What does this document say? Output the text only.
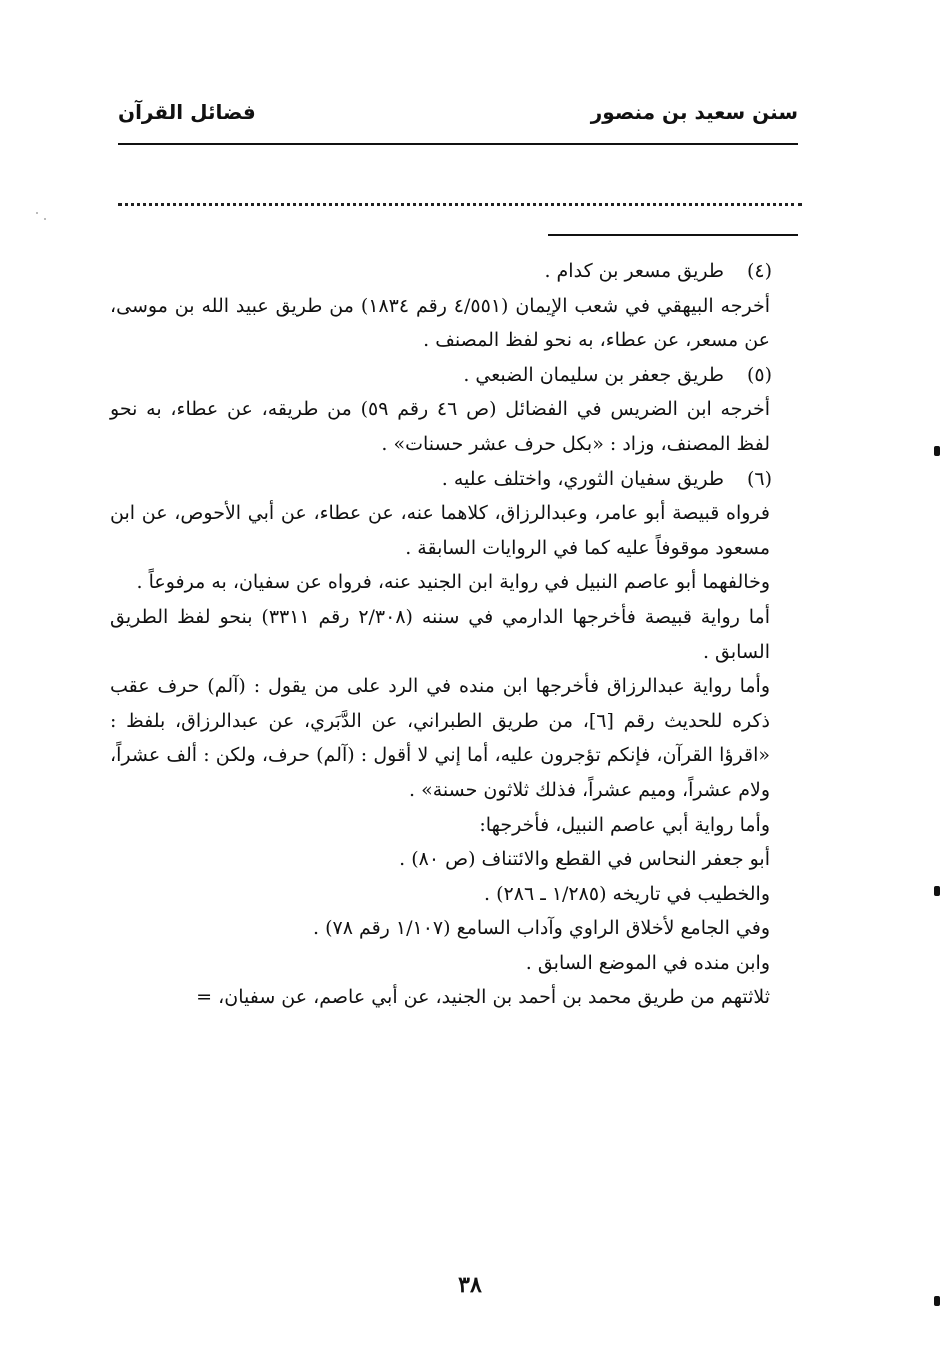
سنن سعيد بن منصور
فضائل القرآن

(٤)
طريق مسعر بن كدام .

أخرجه البيهقي في شعب الإيمان (٤/٥٥١ رقم ١٨٣٤) من طريق عبيد الله بن موسى، عن مسعر، عن عطاء، به نحو لفظ المصنف .

(٥)
طريق جعفر بن سليمان الضبعي .

أخرجه ابن الضريس في الفضائل (ص ٤٦ رقم ٥٩) من طريقه، عن عطاء، به نحو لفظ المصنف، وزاد : «بكل حرف عشر حسنات» .

(٦)
طريق سفيان الثوري، واختلف عليه .

فرواه قبيصة أبو عامر، وعبدالرزاق، كلاهما عنه، عن عطاء، عن أبي الأحوص، عن ابن مسعود موقوفاً عليه كما في الروايات السابقة .

وخالفهما أبو عاصم النبيل في رواية ابن الجنيد عنه، فرواه عن سفيان، به مرفوعاً .

أما رواية قبيصة فأخرجها الدارمي في سننه (٢/٣٠٨ رقم ٣٣١١) بنحو لفظ الطريق السابق .

وأما رواية عبدالرزاق فأخرجها ابن منده في الرد على من يقول : (آلم) حرف عقب ذكره للحديث رقم [٦]، من طريق الطبراني، عن الدَّبَري، عن عبدالرزاق، بلفظ : «اقرؤا القرآن، فإنكم تؤجرون عليه، أما إني لا أقول : (آلم) حرف، ولكن : ألف عشراً، ولام عشراً، وميم عشراً، فذلك ثلاثون حسنة» .

وأما رواية أبي عاصم النبيل، فأخرجها:

أبو جعفر النحاس في القطع والائتناف (ص ٨٠) .

والخطيب في تاريخه (١/٢٨٥ ـ ٢٨٦) .

وفي الجامع لأخلاق الراوي وآداب السامع (١/١٠٧ رقم ٧٨) .

وابن منده في الموضع السابق .

ثلاثتهم من طريق محمد بن أحمد بن الجنيد، عن أبي عاصم، عن سفيان، =

٣٨
